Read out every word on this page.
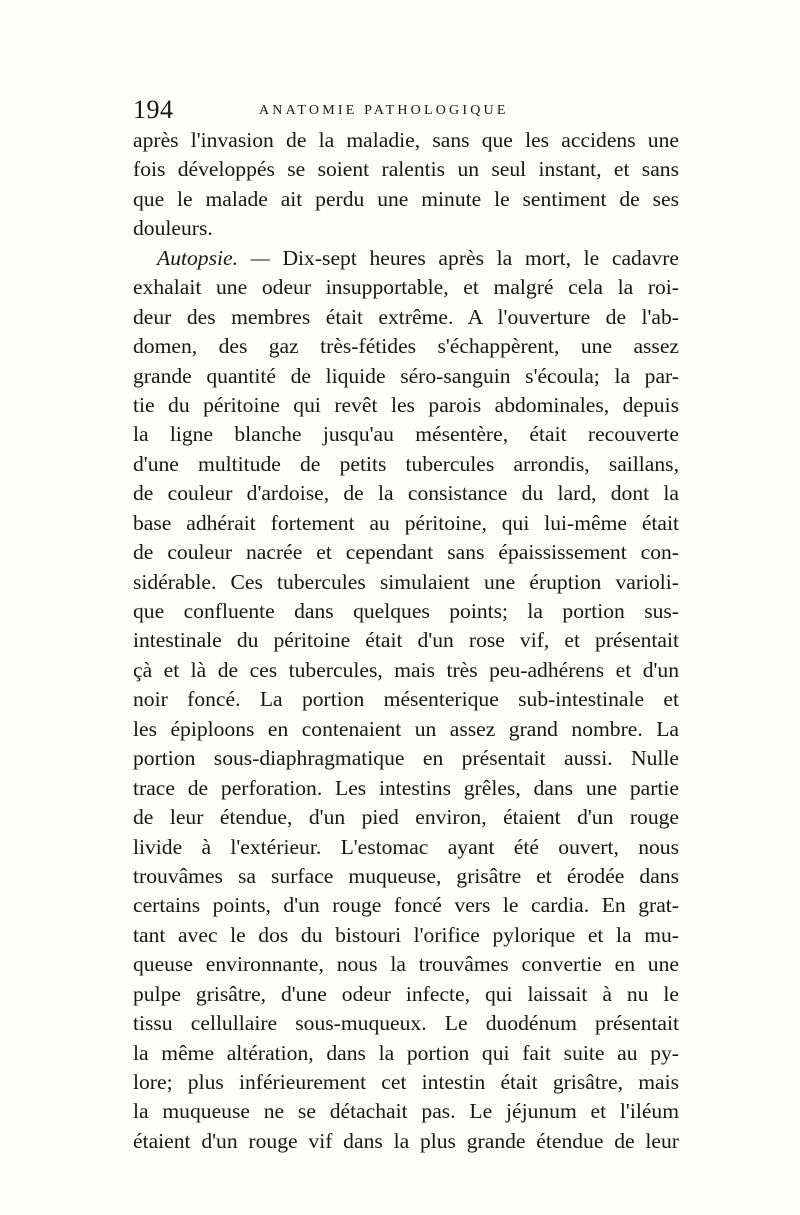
194	ANATOMIE PATHOLOGIQUE
après l'invasion de la maladie, sans que les accidens une
fois développés se soient ralentis un seul instant, et sans
que le malade ait perdu une minute le sentiment de ses
douleurs.
Autopsie. — Dix-sept heures après la mort, le cadavre
exhalait une odeur insupportable, et malgré cela la roi-
deur des membres était extrême. A l'ouverture de l'ab-
domen, des gaz très-fétides s'échappèrent, une assez
grande quantité de liquide séro-sanguin s'écoula; la par-
tie du péritoine qui revêt les parois abdominales, depuis
la ligne blanche jusqu'au mésentère, était recouverte
d'une multitude de petits tubercules arrondis, saillans,
de couleur d'ardoise, de la consistance du lard, dont la
base adhérait fortement au péritoine, qui lui-même était
de couleur nacrée et cependant sans épaississement con-
sidérable. Ces tubercules simulaient une éruption varioli-
que confluente dans quelques points; la portion sus-
intestinale du péritoine était d'un rose vif, et présentait
çà et là de ces tubercules, mais très peu-adhérens et d'un
noir foncé. La portion mésenterique sub-intestinale et
les épiploons en contenaient un assez grand nombre. La
portion sous-diaphragmatique en présentait aussi. Nulle
trace de perforation. Les intestins grêles, dans une partie
de leur étendue, d'un pied environ, étaient d'un rouge
livide à l'extérieur. L'estomac ayant été ouvert, nous
trouvâmes sa surface muqueuse, grisâtre et érodée dans
certains points, d'un rouge foncé vers le cardia. En grat-
tant avec le dos du bistouri l'orifice pylorique et la mu-
queuse environnante, nous la trouvâmes convertie en une
pulpe grisâtre, d'une odeur infecte, qui laissait à nu le
tissu cellullaire sous-muqueux. Le duodénum présentait
la même altération, dans la portion qui fait suite au py-
lore; plus inférieurement cet intestin était grisâtre, mais
la muqueuse ne se détachait pas. Le jéjunum et l'iléum
étaient d'un rouge vif dans la plus grande étendue de leur
